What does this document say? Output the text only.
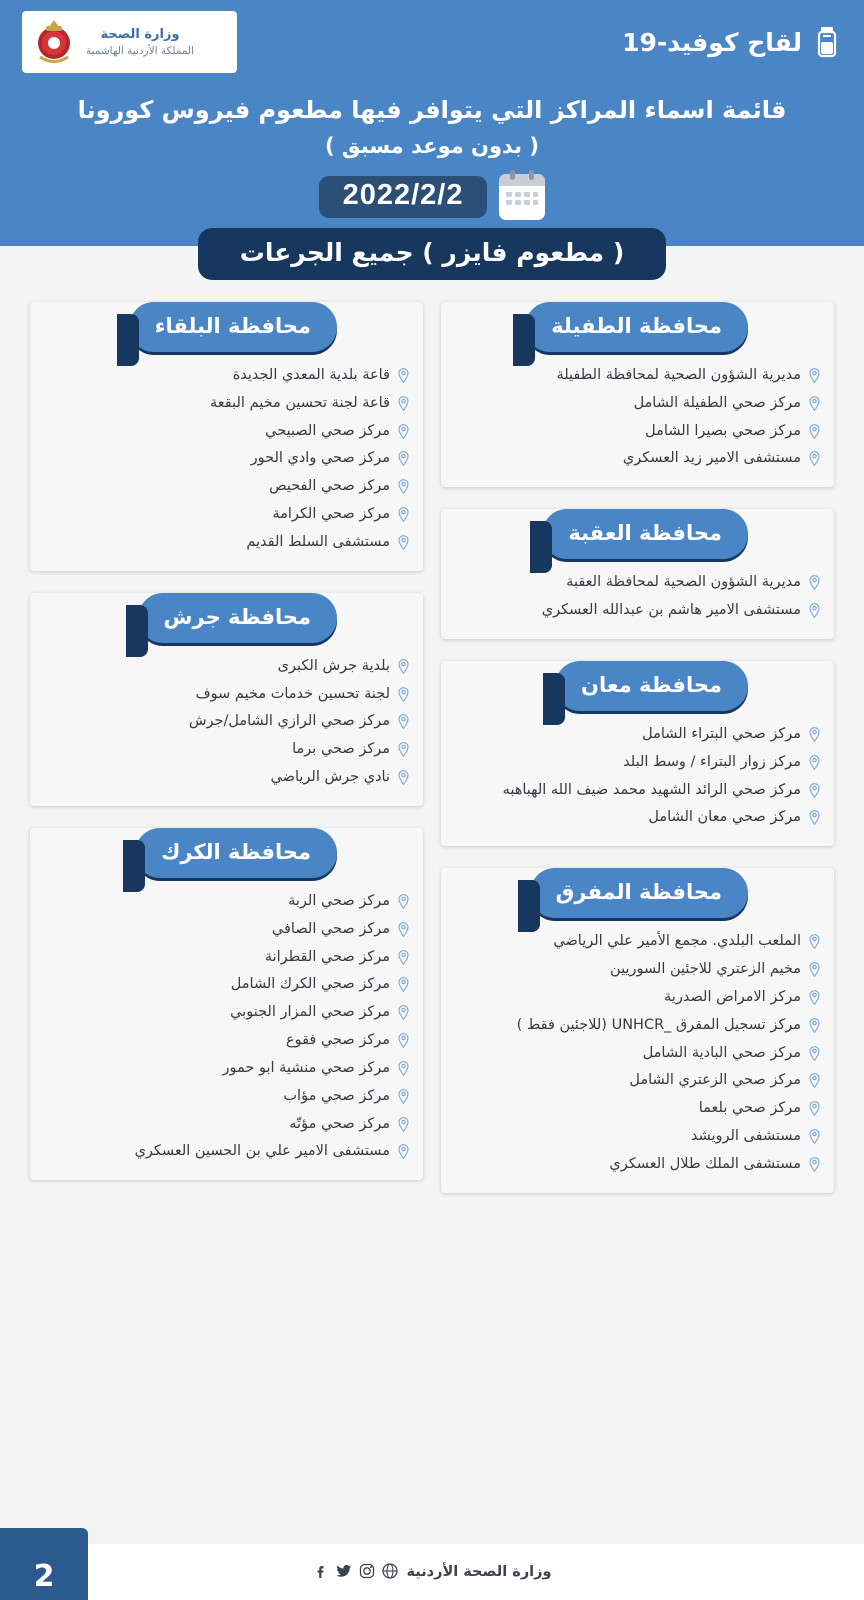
لقاح كوفيد-19
وزارة الصحة
المملكة الأردنية الهاشمية
قائمة اسماء المراكز التي يتوافر فيها مطعوم فيروس كورونا
( بدون موعد مسبق )
2022/2/2
( مطعوم فايزر ) جميع الجرعات
محافظة الطفيلة
مديرية الشؤون الصحية لمحافظة الطفيلة
مركز صحي الطفيلة الشامل
مركز صحي بصيرا الشامل
مستشفى الامير زيد العسكري
محافظة العقبة
مديرية الشؤون الصحية لمحافظة العقبة
مستشفى الامير هاشم بن عبدالله العسكري
محافظة معان
مركز صحي البتراء الشامل
مركز زوار البتراء / وسط البلد
مركز صحي الرائد الشهيد محمد ضيف الله الهباهبه
مركز صحي معان الشامل
محافظة المفرق
الملعب البلدي. مجمع الأمير علي الرياضي
مخيم الزعتري للاجئين السوريين
مركز الامراض الصدرية
مركز تسجيل المفرق _UNHCR (للاجئين فقط )
مركز صحي البادية الشامل
مركز صحي الزعتري الشامل
مركز صحي بلعما
مستشفى الرويشد
مستشفى الملك طلال العسكري
محافظة البلقاء
قاعة بلدية المعدي الجديدة
قاعة لجنة تحسين مخيم البقعة
مركز صحي الصبيحي
مركز صحي وادي الحور
مركز صحي الفحيص
مركز صحي الكرامة
مستشفى السلط القديم
محافظة جرش
بلدية جرش الكبرى
لجنة تحسين خدمات مخيم سوف
مركز صحي الرازي الشامل/جرش
مركز صحي برما
نادي جرش الرياضي
محافظة الكرك
مركز صحي الربة
مركز صحي الصافي
مركز صحي القطرانة
مركز صحي الكرك الشامل
مركز صحي المزار الجنوبي
مركز صحي فقوع
مركز صحي منشية ابو حمور
مركز صحي مؤاب
مركز صحي مؤتّه
مستشفى الامير علي بن الحسين العسكري
وزارة الصحة الأردنية
2
